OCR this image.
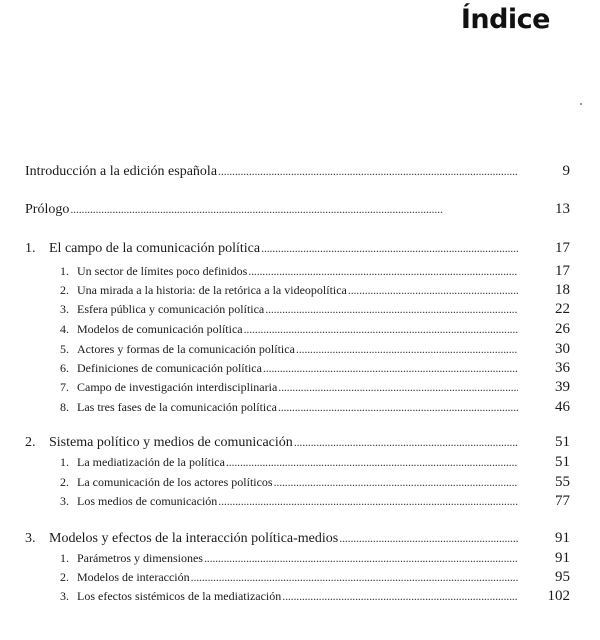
Índice
Introducción a la edición española . . .	9
Prólogo . . .	13
1. El campo de la comunicación política . . .	17
1. Un sector de límites poco definidos . . .	17
2. Una mirada a la historia: de la retórica a la videopolítica . . .	18
3. Esfera pública y comunicación política . . .	22
4. Modelos de comunicación política . . .	26
5. Actores y formas de la comunicación política . . .	30
6. Definiciones de comunicación política . . .	36
7. Campo de investigación interdisciplinaria . . .	39
8. Las tres fases de la comunicación política . . .	46
2. Sistema político y medios de comunicación . . .	51
1. La mediatización de la política . . .	51
2. La comunicación de los actores políticos . . .	55
3. Los medios de comunicación . . .	77
3. Modelos y efectos de la interacción política-medios . . .	91
1. Parámetros y dimensiones . . .	91
2. Modelos de interacción . . .	95
3. Los efectos sistémicos de la mediatización . . .	102
